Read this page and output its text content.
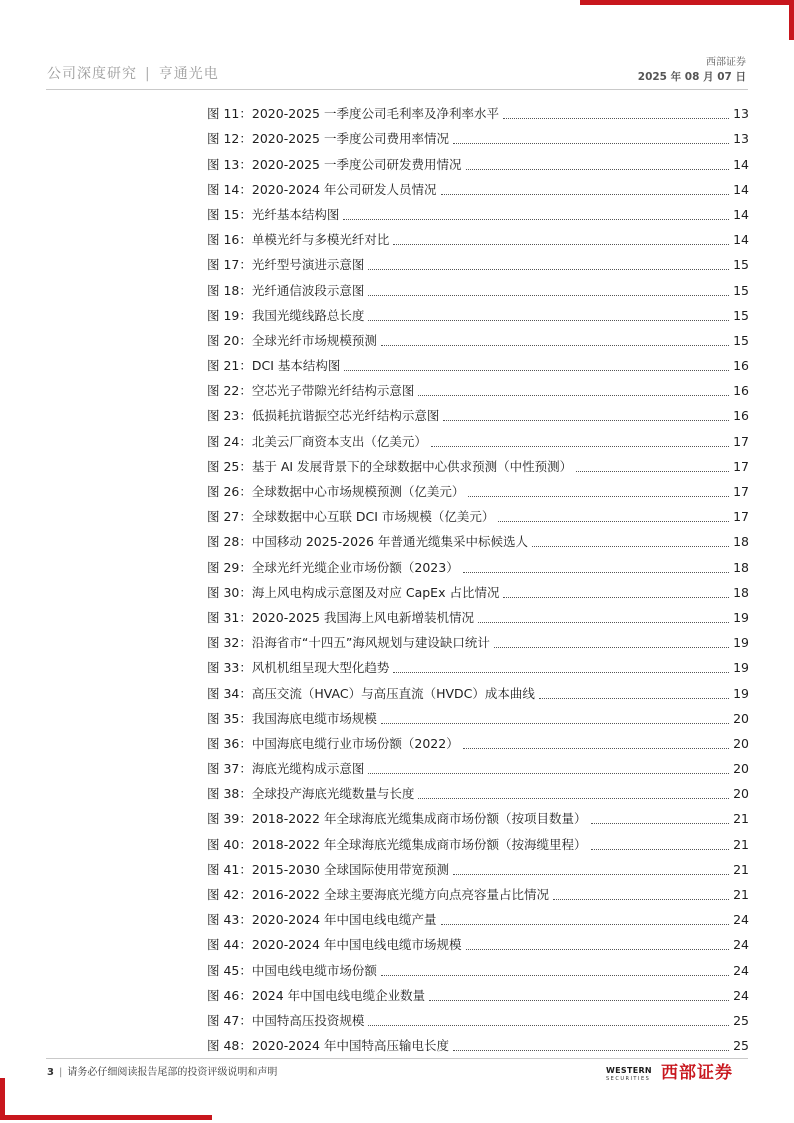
公司深度研究 | 亨通光电
西部证券
2025 年 08 月 07 日
图 11：2020-2025 一季度公司毛利率及净利率水平	13
图 12：2020-2025 一季度公司费用率情况	13
图 13：2020-2025 一季度公司研发费用情况	14
图 14：2020-2024 年公司研发人员情况	14
图 15：光纤基本结构图	14
图 16：单模光纤与多模光纤对比	14
图 17：光纤型号演进示意图	15
图 18：光纤通信波段示意图	15
图 19：我国光缆线路总长度	15
图 20：全球光纤市场规模预测	15
图 21：DCI 基本结构图	16
图 22：空芯光子带隙光纤结构示意图	16
图 23：低损耗抗谐振空芯光纤结构示意图	16
图 24：北美云厂商资本支出（亿美元）	17
图 25：基于 AI 发展背景下的全球数据中心供求预测（中性预测）	17
图 26：全球数据中心市场规模预测（亿美元）	17
图 27：全球数据中心互联 DCI 市场规模（亿美元）	17
图 28：中国移动 2025-2026 年普通光缆集采中标候选人	18
图 29：全球光纤光缆企业市场份额（2023）	18
图 30：海上风电构成示意图及对应 CapEx 占比情况	18
图 31：2020-2025 我国海上风电新增装机情况	19
图 32：沿海省市“十四五”海风规划与建设缺口统计	19
图 33：风机机组呈现大型化趋势	19
图 34：高压交流（HVAC）与高压直流（HVDC）成本曲线	19
图 35：我国海底电缆市场规模	20
图 36：中国海底电缆行业市场份额（2022）	20
图 37：海底光缆构成示意图	20
图 38：全球投产海底光缆数量与长度	20
图 39：2018-2022 年全球海底光缆集成商市场份额（按项目数量）	21
图 40：2018-2022 年全球海底光缆集成商市场份额（按海缆里程）	21
图 41：2015-2030 全球国际使用带宽预测	21
图 42：2016-2022 全球主要海底光缆方向点亮容量占比情况	21
图 43：2020-2024 年中国电线电缆产量	24
图 44：2020-2024 年中国电线电缆市场规模	24
图 45：中国电线电缆市场份额	24
图 46：2024 年中国电线电缆企业数量	24
图 47：中国特高压投资规模	25
图 48：2020-2024 年中国特高压输电长度	25
3 | 请务必仔细阅读报告尾部的投资评级说明和声明	WESTERN
SECURITIES 西部证券
